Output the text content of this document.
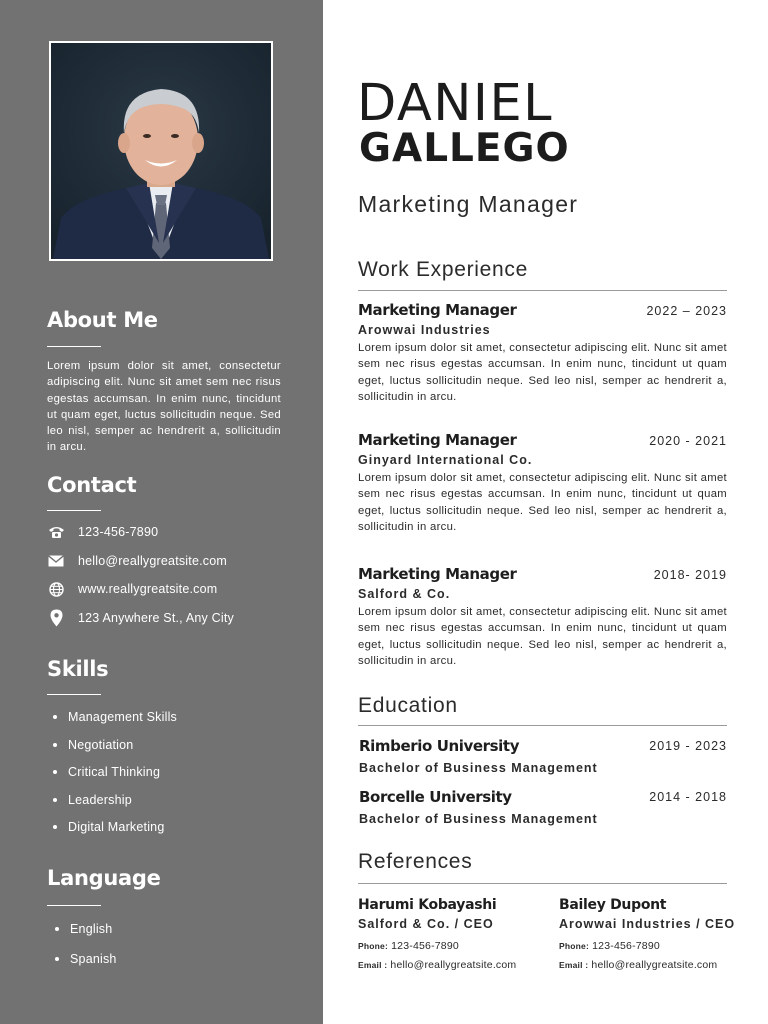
About Me

Lorem ipsum dolor sit amet, consectetur adipiscing elit. Nunc sit amet sem nec risus egestas accumsan. In enim nunc, tincidunt ut quam eget, luctus sollicitudin neque. Sed leo nisl, semper ac hendrerit a, sollicitudin in arcu.

Contact
123-456-7890
hello@reallygreatsite.com
www.reallygreatsite.com
123 Anywhere St., Any City
Skills
Management Skills
Negotiation
Critical Thinking
Leadership
Digital Marketing
Language
English
Spanish
DANIEL
GALLEGO

Marketing Manager

Work Experience
Marketing Manager	2022 – 2023
Arowwai Industries

Lorem ipsum dolor sit amet, consectetur adipiscing elit. Nunc sit amet sem nec risus egestas accumsan. In enim nunc, tincidunt ut quam eget, luctus sollicitudin neque. Sed leo nisl, semper ac hendrerit a, sollicitudin in arcu.

Marketing Manager	2020 - 2021
Ginyard International Co.

Lorem ipsum dolor sit amet, consectetur adipiscing elit. Nunc sit amet sem nec risus egestas accumsan. In enim nunc, tincidunt ut quam eget, luctus sollicitudin neque. Sed leo nisl, semper ac hendrerit a, sollicitudin in arcu.

Marketing Manager	2018- 2019
Salford & Co.

Lorem ipsum dolor sit amet, consectetur adipiscing elit. Nunc sit amet sem nec risus egestas accumsan. In enim nunc, tincidunt ut quam eget, luctus sollicitudin neque. Sed leo nisl, semper ac hendrerit a, sollicitudin in arcu.

Education
Rimberio University	2019 - 2023
Bachelor of Business Management
Borcelle University	2014 - 2018
Bachelor of Business Management
References
Harumi Kobayashi
Salford & Co. / CEO
Phone: 123-456-7890
Email : hello@reallygreatsite.com
Bailey Dupont
Arowwai Industries / CEO
Phone: 123-456-7890
Email : hello@reallygreatsite.com
